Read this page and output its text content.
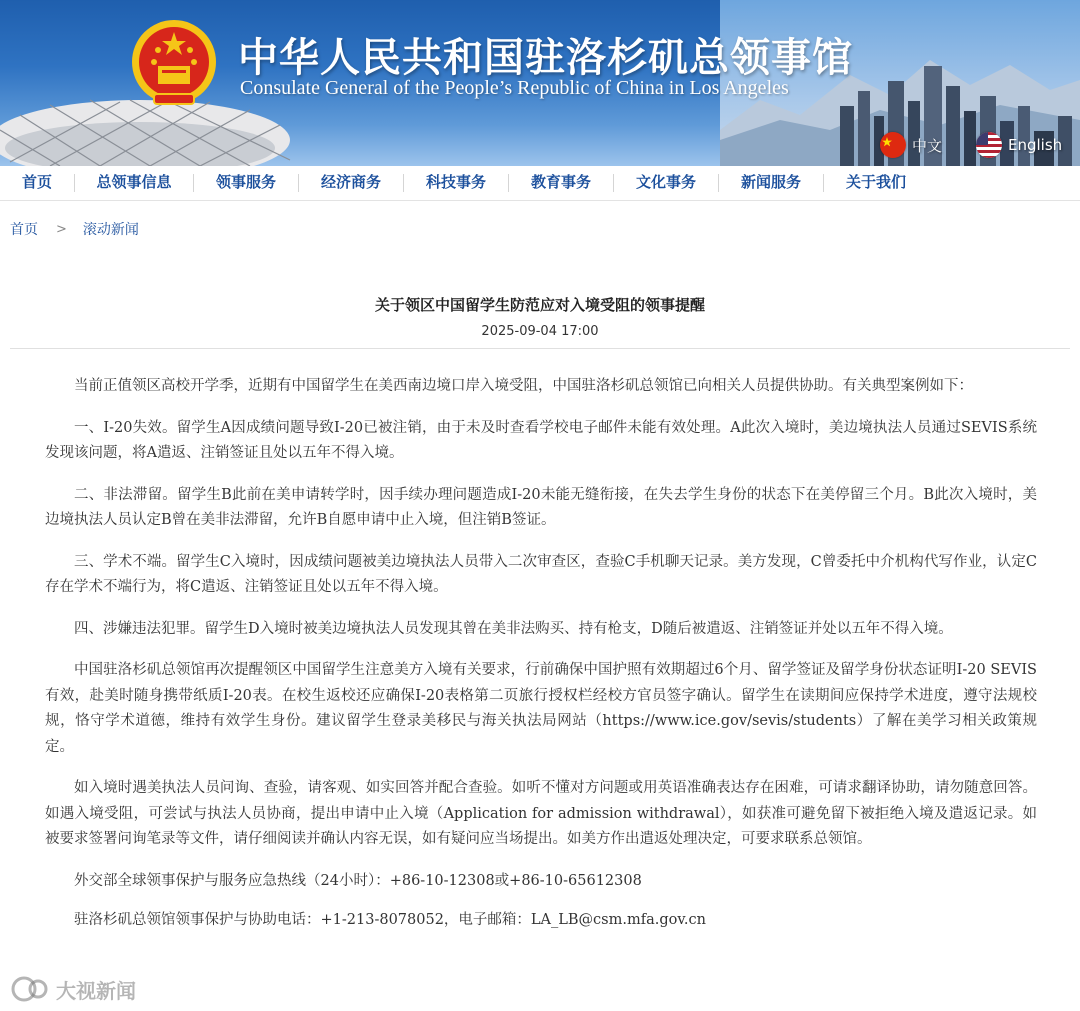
中华人民共和国驻洛杉矶总领事馆
Consulate General of the People’s Republic of China in Los Angeles
中文	English
首页	总领事信息	领事服务	经济商务	科技事务	教育事务	文化事务	新闻服务	关于我们
首页 > 滚动新闻
关于领区中国留学生防范应对入境受阻的领事提醒
2025-09-04 17:00

当前正值领区高校开学季，近期有中国留学生在美西南边境口岸入境受阻，中国驻洛杉矶总领馆已向相关人员提供协助。有关典型案例如下：

一、I-20失效。留学生A因成绩问题导致I-20已被注销，由于未及时查看学校电子邮件未能有效处理。A此次入境时，美边境执法人员通过SEVIS系统发现该问题，将A遣返、注销签证且处以五年不得入境。

二、非法滞留。留学生B此前在美申请转学时，因手续办理问题造成I-20未能无缝衔接，在失去学生身份的状态下在美停留三个月。B此次入境时，美边境执法人员认定B曾在美非法滞留，允许B自愿申请中止入境，但注销B签证。

三、学术不端。留学生C入境时，因成绩问题被美边境执法人员带入二次审查区，查验C手机聊天记录。美方发现，C曾委托中介机构代写作业，认定C存在学术不端行为，将C遣返、注销签证且处以五年不得入境。

四、涉嫌违法犯罪。留学生D入境时被美边境执法人员发现其曾在美非法购买、持有枪支，D随后被遣返、注销签证并处以五年不得入境。

中国驻洛杉矶总领馆再次提醒领区中国留学生注意美方入境有关要求，行前确保中国护照有效期超过6个月、留学签证及留学身份状态证明I-20 SEVIS有效，赴美时随身携带纸质I-20表。在校生返校还应确保I-20表格第二页旅行授权栏经校方官员签字确认。留学生在读期间应保持学术进度，遵守法规校规，恪守学术道德，维持有效学生身份。建议留学生登录美移民与海关执法局网站（https://www.ice.gov/sevis/students）了解在美学习相关政策规定。

如入境时遇美执法人员问询、查验，请客观、如实回答并配合查验。如听不懂对方问题或用英语准确表达存在困难，可请求翻译协助，请勿随意回答。如遇入境受阻，可尝试与执法人员协商，提出申请中止入境（Application for admission withdrawal），如获准可避免留下被拒绝入境及遣返记录。如被要求签署问询笔录等文件，请仔细阅读并确认内容无误，如有疑问应当场提出。如美方作出遣返处理决定，可要求联系总领馆。

外交部全球领事保护与服务应急热线（24小时）：+86-10-12308或+86-10-65612308

驻洛杉矶总领馆领事保护与协助电话：+1-213-8078052，电子邮箱：LA_LB@csm.mfa.gov.cn

大视新闻
